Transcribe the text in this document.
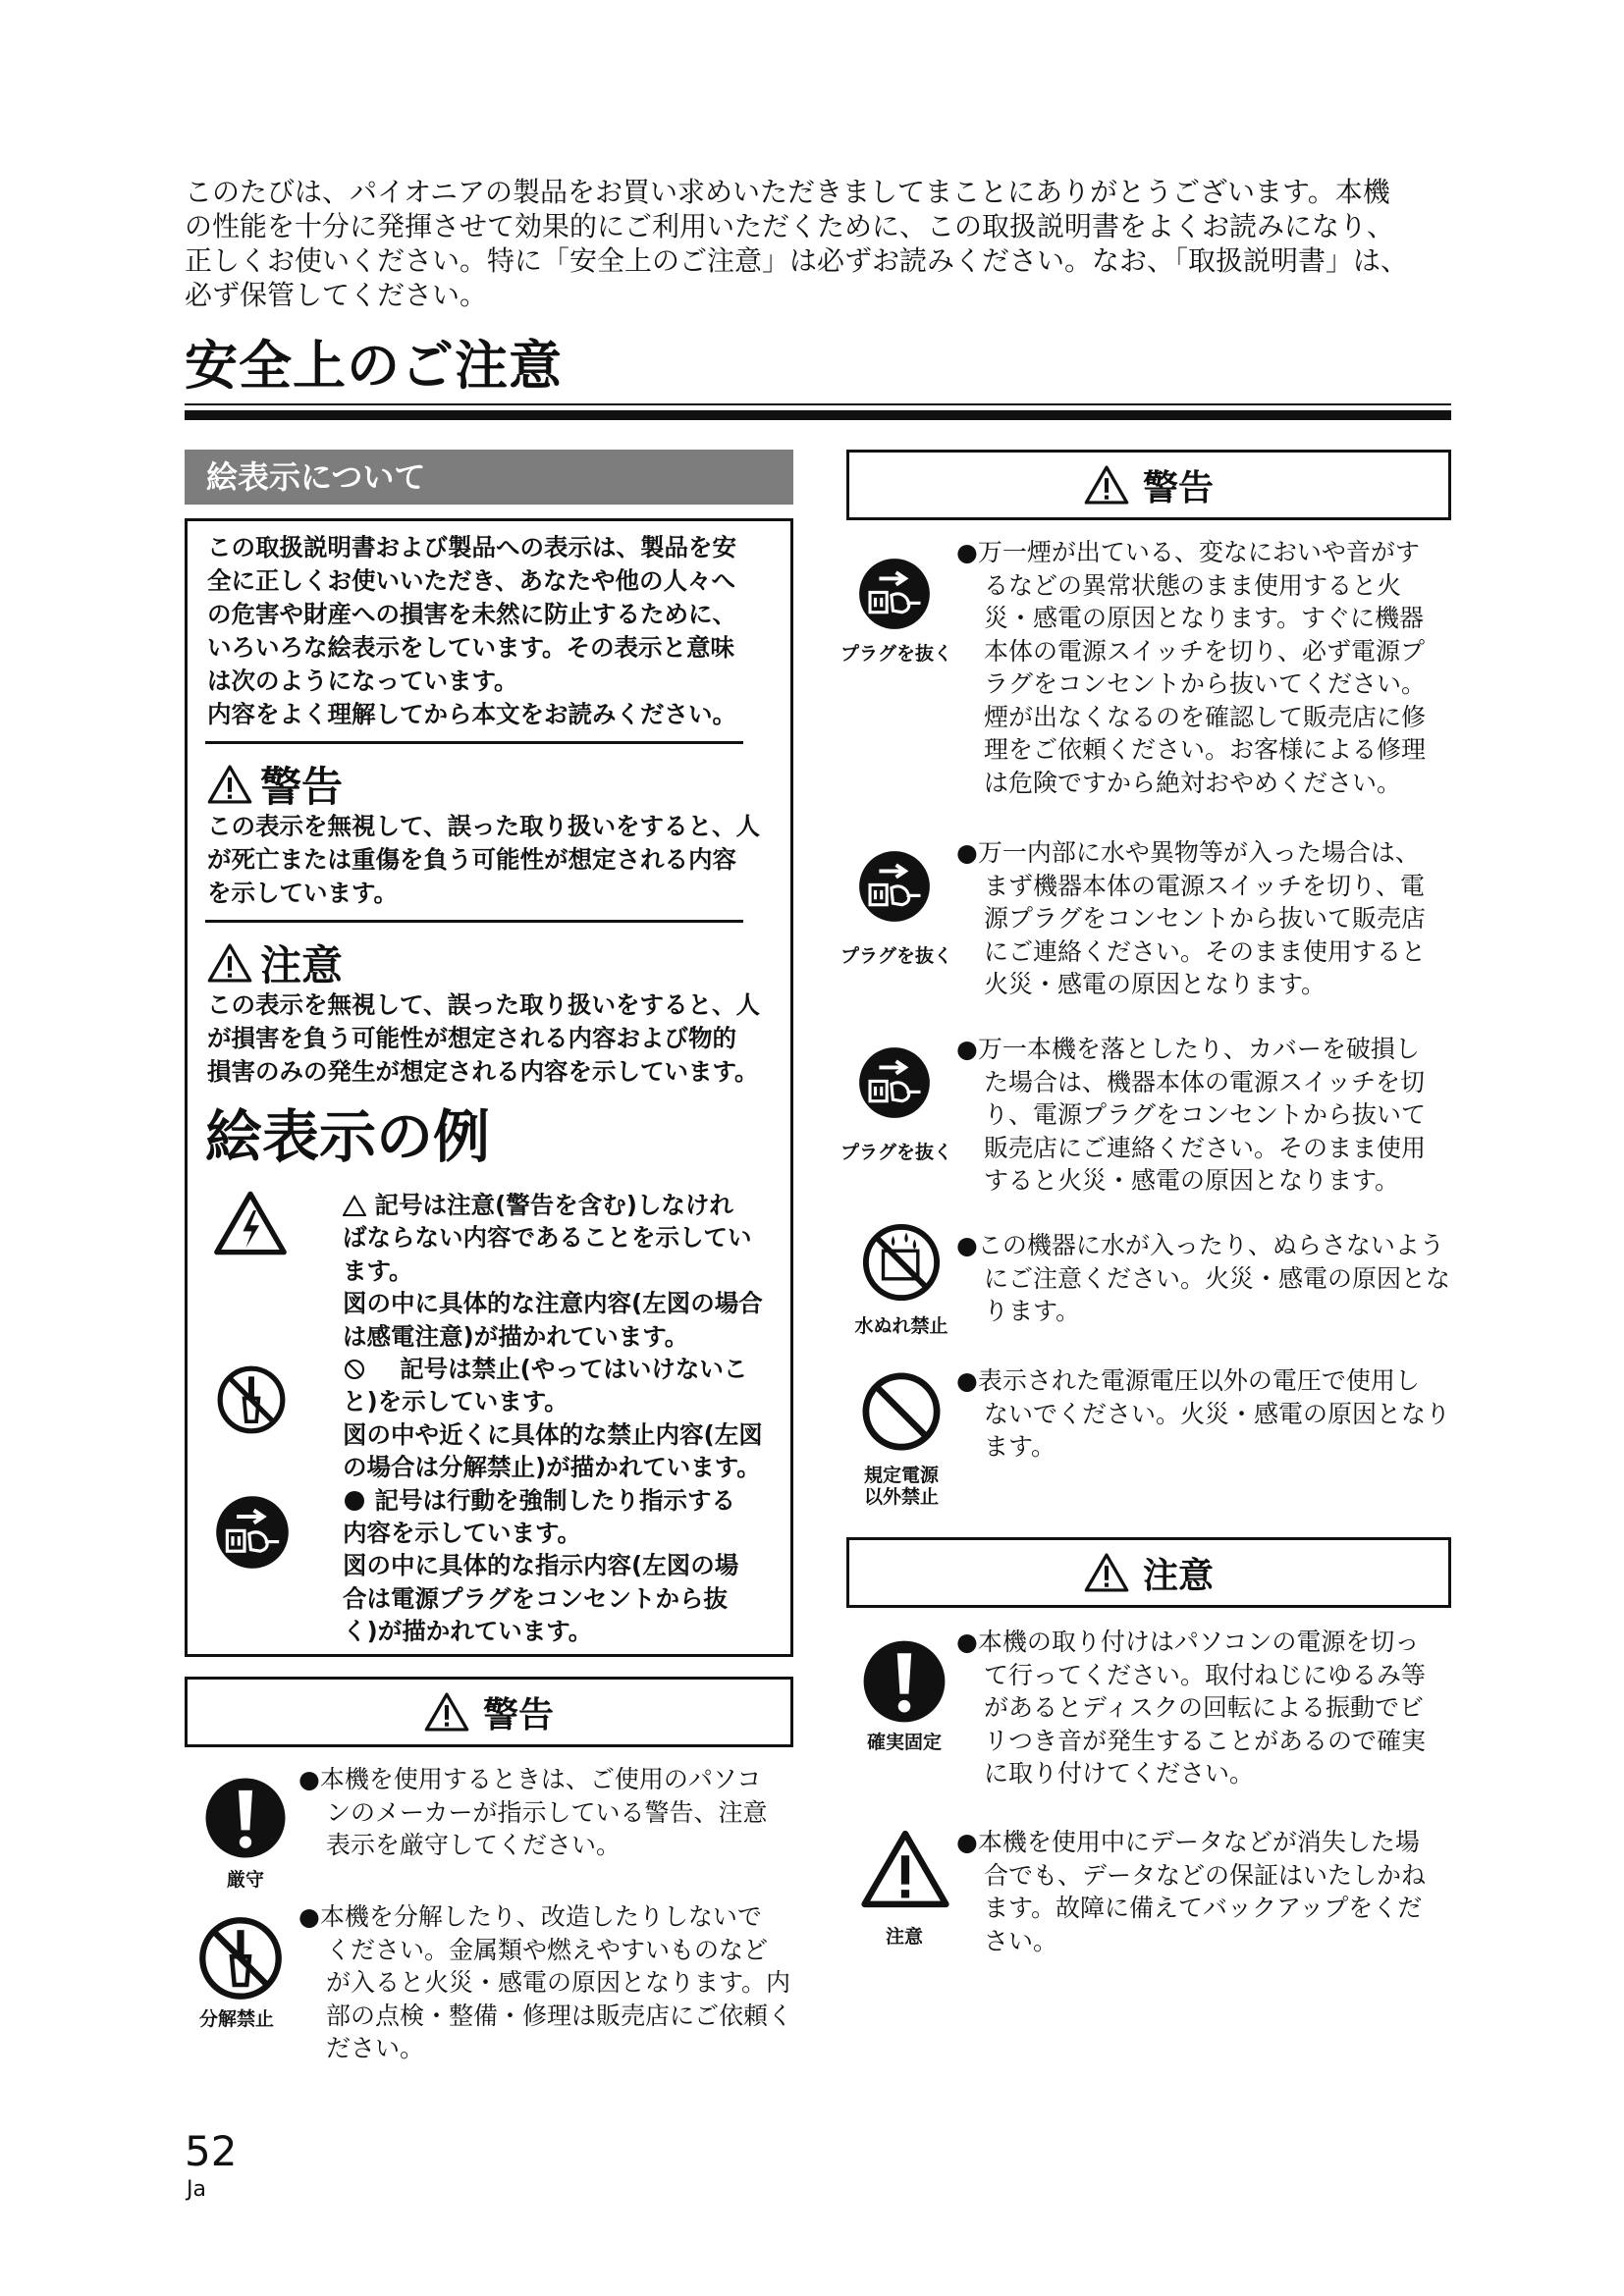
このたびは、パイオニアの製品をお買い求めいただきましてまことにありがとうございます。本機

の性能を十分に発揮させて効果的にご利用いただくために、この取扱説明書をよくお読みになり、

正しくお使いください。特に「安全上のご注意」は必ずお読みください。なお、「取扱説明書」は、

必ず保管してください。

安全上のご注意
絵表示について
この取扱説明書および製品への表示は、製品を安
全に正しくお使いいただき、あなたや他の人々へ
の危害や財産への損害を未然に防止するために、
いろいろな絵表示をしています。その表示と意味
は次のようになっています。
内容をよく理解してから本文をお読みください。
警告
この表示を無視して、誤った取り扱いをすると、人
が死亡または重傷を負う可能性が想定される内容
を示しています。
注意
この表示を無視して、誤った取り扱いをすると、人
が損害を負う可能性が想定される内容および物的
損害のみの発生が想定される内容を示しています。
絵表示の例
記号は注意(警告を含む)しなけれ
ばならない内容であることを示してい
ます。
図の中に具体的な注意内容(左図の場合
は感電注意)が描かれています。
記号は禁止(やってはいけないこ
と)を示しています。
図の中や近くに具体的な禁止内容(左図
の場合は分解禁止)が描かれています。
記号は行動を強制したり指示する
内容を示しています。
図の中に具体的な指示内容(左図の場
合は電源プラグをコンセントから抜
く)が描かれています。
警告
厳守

●本機を使用するときは、ご使用のパソコ

ンのメーカーが指示している警告、注意

表示を厳守してください。

分解禁止

●本機を分解したり、改造したりしないで

ください。金属類や燃えやすいものなど

が入ると火災・感電の原因となります。内

部の点検・整備・修理は販売店にご依頼く

ださい。

警告
プラグを抜く

●万一煙が出ている、変なにおいや音がす

るなどの異常状態のまま使用すると火

災・感電の原因となります。すぐに機器

本体の電源スイッチを切り、必ず電源プ

ラグをコンセントから抜いてください。

煙が出なくなるのを確認して販売店に修

理をご依頼ください。お客様による修理

は危険ですから絶対おやめください。

プラグを抜く

●万一内部に水や異物等が入った場合は、

まず機器本体の電源スイッチを切り、電

源プラグをコンセントから抜いて販売店

にご連絡ください。そのまま使用すると

火災・感電の原因となります。

プラグを抜く

●万一本機を落としたり、カバーを破損し

た場合は、機器本体の電源スイッチを切

り、電源プラグをコンセントから抜いて

販売店にご連絡ください。そのまま使用

すると火災・感電の原因となります。

水ぬれ禁止

●この機器に水が入ったり、ぬらさないよう

にご注意ください。火災・感電の原因とな

ります。

規定電源
以外禁止

●表示された電源電圧以外の電圧で使用し

ないでください。火災・感電の原因となり

ます。

注意
確実固定

●本機の取り付けはパソコンの電源を切っ

て行ってください。取付ねじにゆるみ等

があるとディスクの回転による振動でビ

リつき音が発生することがあるので確実

に取り付けてください。

注意

●本機を使用中にデータなどが消失した場

合でも、データなどの保証はいたしかね

ます。故障に備えてバックアップをくだ

さい。

52
Ja
